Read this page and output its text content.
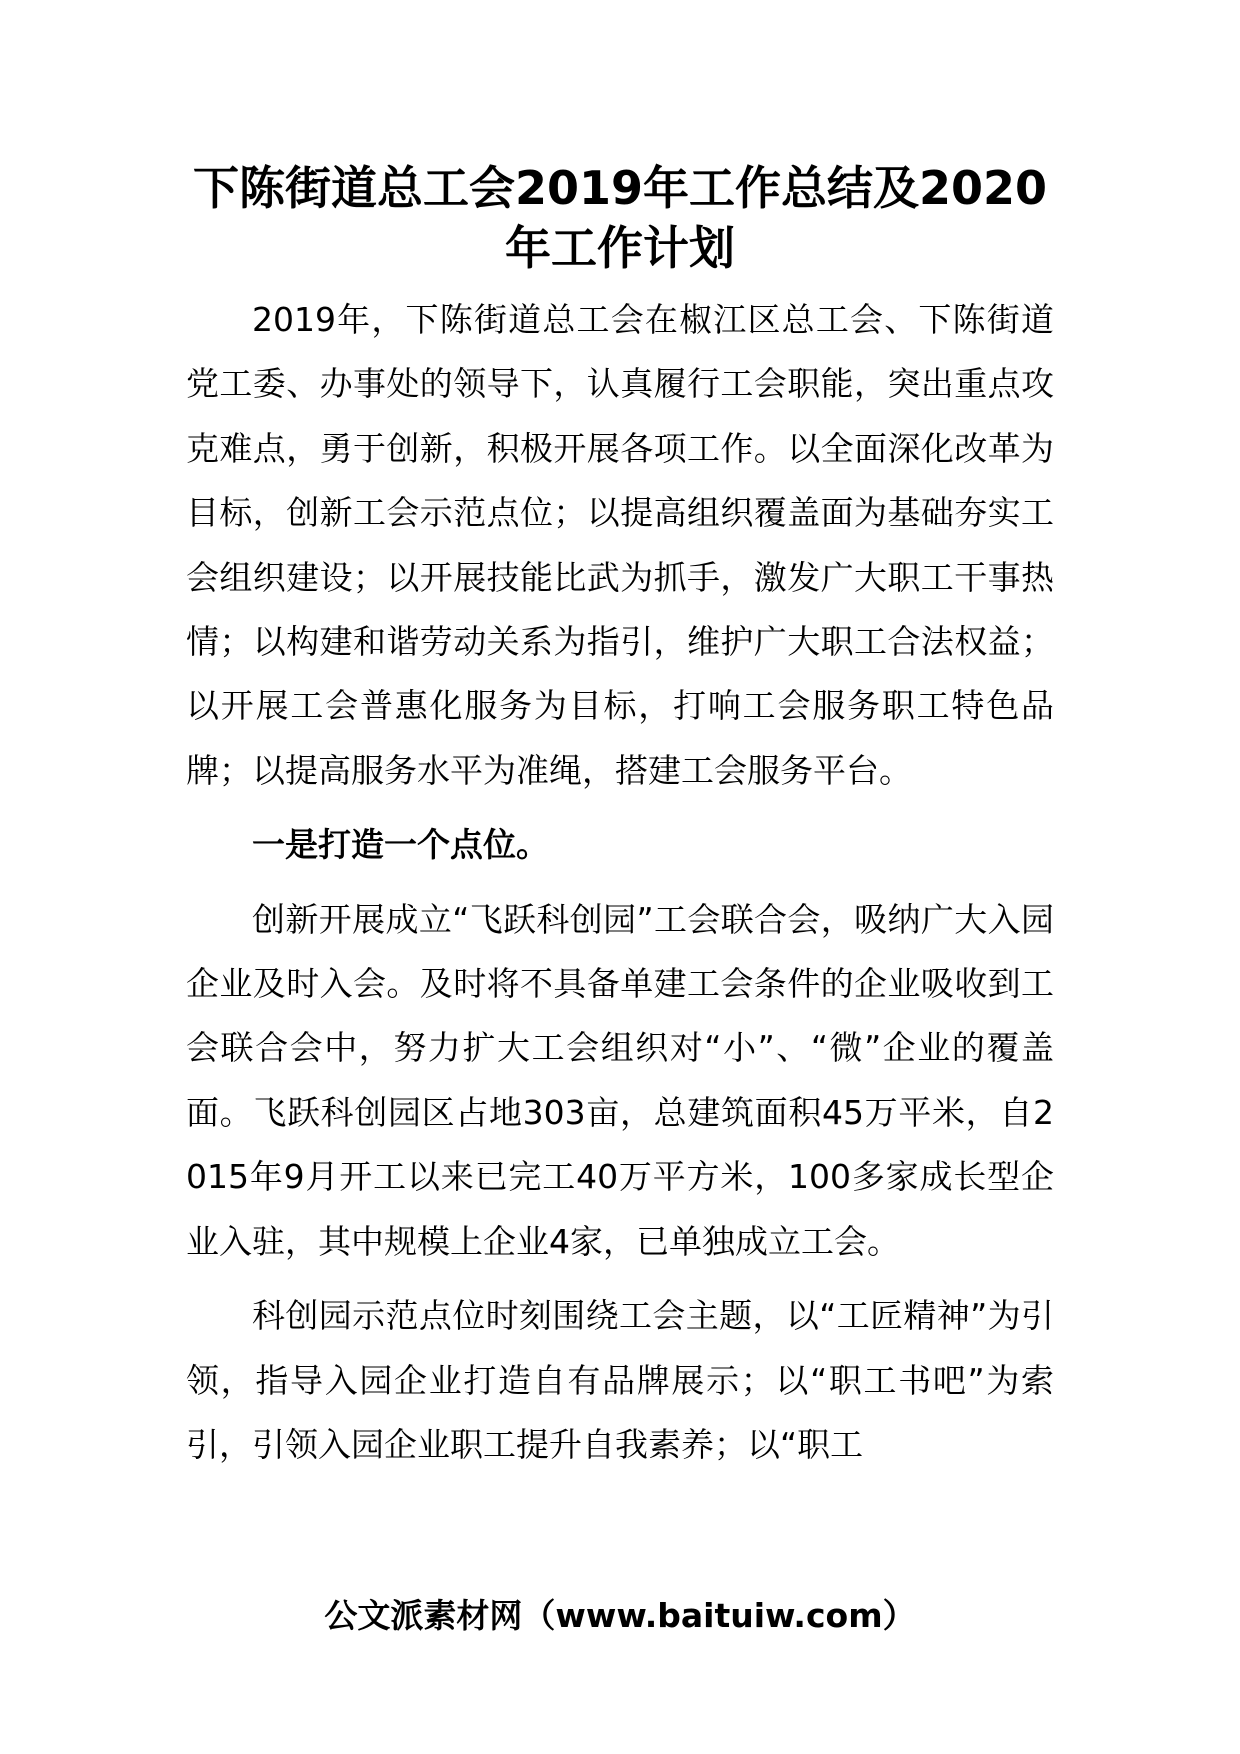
下陈街道总工会2019年工作总结及2020年工作计划

2019年，下陈街道总工会在椒江区总工会、下陈街道党工委、办事处的领导下，认真履行工会职能，突出重点攻克难点，勇于创新，积极开展各项工作。以全面深化改革为目标，创新工会示范点位；以提高组织覆盖面为基础夯实工会组织建设；以开展技能比武为抓手，激发广大职工干事热情；以构建和谐劳动关系为指引，维护广大职工合法权益；以开展工会普惠化服务为目标，打响工会服务职工特色品牌；以提高服务水平为准绳，搭建工会服务平台。

一是打造一个点位。

创新开展成立“飞跃科创园”工会联合会，吸纳广大入园企业及时入会。及时将不具备单建工会条件的企业吸收到工会联合会中，努力扩大工会组织对“小”、“微”企业的覆盖面。飞跃科创园区占地303亩，总建筑面积45万平米，自2015年9月开工以来已完工40万平方米，100多家成长型企业入驻，其中规模上企业4家，已单独成立工会。

科创园示范点位时刻围绕工会主题，以“工匠精神”为引领，指导入园企业打造自有品牌展示；以“职工书吧”为索引，引领入园企业职工提升自我素养；以“职工

公文派素材网（www.baituiw.com）
